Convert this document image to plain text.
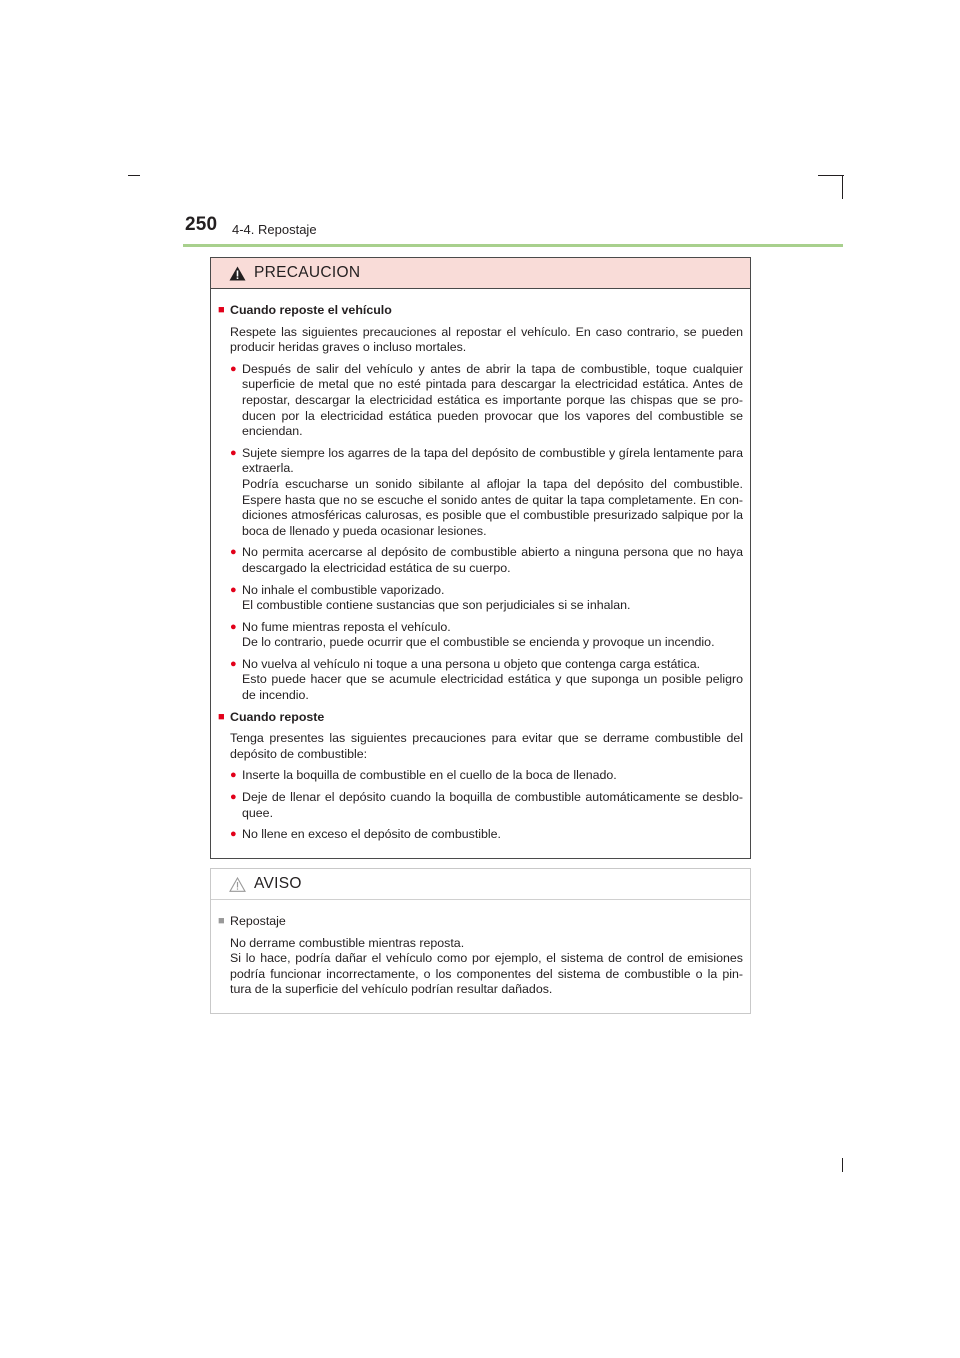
250 4-4. Repostaje
PRECAUCION
■ Cuando reposte el vehículo
Respete las siguientes precauciones al repostar el vehículo. En caso contrario, se pueden producir heridas graves o incluso mortales.
● Después de salir del vehículo y antes de abrir la tapa de combustible, toque cualquier superficie de metal que no esté pintada para descargar la electricidad estática. Antes de repostar, descargar la electricidad estática es importante porque las chispas que se pro-ducen por la electricidad estática pueden provocar que los vapores del combustible se enciendan.
● Sujete siempre los agarres de la tapa del depósito de combustible y gírela lentamente para extraerla.
Podría escucharse un sonido sibilante al aflojar la tapa del depósito del combustible. Espere hasta que no se escuche el sonido antes de quitar la tapa completamente. En con-diciones atmosféricas calurosas, es posible que el combustible presurizado salpique por la boca de llenado y pueda ocasionar lesiones.
● No permita acercarse al depósito de combustible abierto a ninguna persona que no haya descargado la electricidad estática de su cuerpo.
● No inhale el combustible vaporizado.
El combustible contiene sustancias que son perjudiciales si se inhalan.
● No fume mientras reposta el vehículo.
De lo contrario, puede ocurrir que el combustible se encienda y provoque un incendio.
● No vuelva al vehículo ni toque a una persona u objeto que contenga carga estática.
Esto puede hacer que se acumule electricidad estática y que suponga un posible peligro de incendio.
■ Cuando reposte
Tenga presentes las siguientes precauciones para evitar que se derrame combustible del depósito de combustible:
● Inserte la boquilla de combustible en el cuello de la boca de llenado.
● Deje de llenar el depósito cuando la boquilla de combustible automáticamente se desblo-quee.
● No llene en exceso el depósito de combustible.
AVISO
■ Repostaje
No derrame combustible mientras reposta.
Si lo hace, podría dañar el vehículo como por ejemplo, el sistema de control de emisiones podría funcionar incorrectamente, o los componentes del sistema de combustible o la pin-tura de la superficie del vehículo podrían resultar dañados.
